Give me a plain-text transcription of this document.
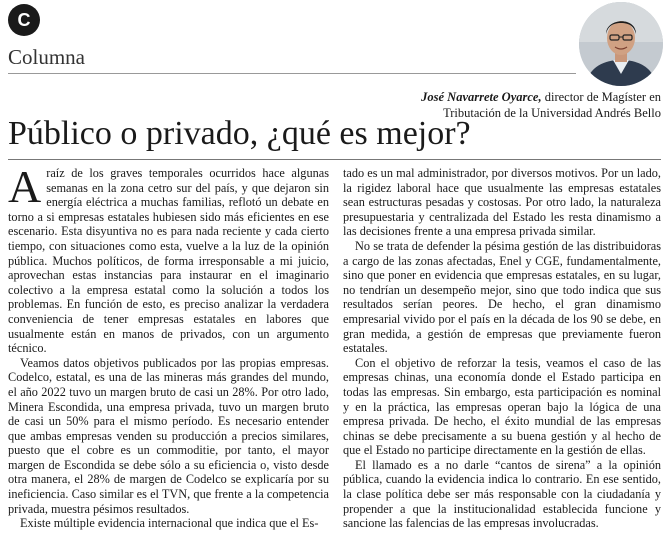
C
Columna
José Navarrete Oyarce, director de Magíster en
Tributación de la Universidad Andrés Bello
Público o privado, ¿qué es mejor?

Araíz de los graves temporales ocurridos hace algunas semanas en la zona cetro sur del país, y que dejaron sin energía eléctrica a muchas familias, reflotó un debate en torno a si empresas estatales hubiesen sido más eficientes en ese escenario. Esta disyuntiva no es para nada reciente y cada cierto tiempo, con situaciones como esta, vuelve a la luz de la opinión pública. Muchos políticos, de forma irresponsable a mi juicio, aprovechan estas instancias para instaurar en el imaginario colectivo a la empresa estatal como la solución a todos los problemas. En función de esto, es preciso analizar la verdadera conveniencia de tener empresas estatales en labores que usualmente están en manos de privados, con un argumento técnico.

Veamos datos objetivos publicados por las propias empresas. Codelco, estatal, es una de las mineras más grandes del mundo, el año 2022 tuvo un margen bruto de casi un 28%. Por otro lado, Minera Escondida, una empresa privada, tuvo un margen bruto de casi un 50% para el mismo período. Es necesario entender que ambas empresas venden su producción a precios similares, puesto que el cobre es un commoditie, por tanto, el mayor margen de Escondida se debe sólo a su eficiencia o, visto desde otra manera, el 28% de margen de Codelco se explicaría por su ineficiencia. Caso similar es el TVN, que frente a la competencia privada, muestra pésimos resultados.

Existe múltiple evidencia internacional que indica que el Es-

tado es un mal administrador, por diversos motivos. Por un lado, la rigidez laboral hace que usualmente las empresas estatales sean estructuras pesadas y costosas. Por otro lado, la naturaleza presupuestaria y centralizada del Estado les resta dinamismo a las decisiones frente a una empresa privada similar.

No se trata de defender la pésima gestión de las distribuidoras a cargo de las zonas afectadas, Enel y CGE, fundamentalmente, sino que poner en evidencia que empresas estatales, en su lugar, no tendrían un desempeño mejor, sino que todo indica que sus resultados serían peores. De hecho, el gran dinamismo empresarial vivido por el país en la década de los 90 se debe, en gran medida, a gestión de empresas que previamente fueron estatales.

Con el objetivo de reforzar la tesis, veamos el caso de las empresas chinas, una economía donde el Estado participa en todas las empresas. Sin embargo, esta participación es nominal y en la práctica, las empresas operan bajo la lógica de una empresa privada. De hecho, el éxito mundial de las empresas chinas se debe precisamente a su buena gestión y al hecho de que el Estado no participe directamente en la gestión de ellas.

El llamado es a no darle “cantos de sirena” a la opinión pública, cuando la evidencia indica lo contrario. En ese sentido, la clase política debe ser más responsable con la ciudadanía y propender a que la institucionalidad establecida funcione y sancione las falencias de las empresas involucradas.
